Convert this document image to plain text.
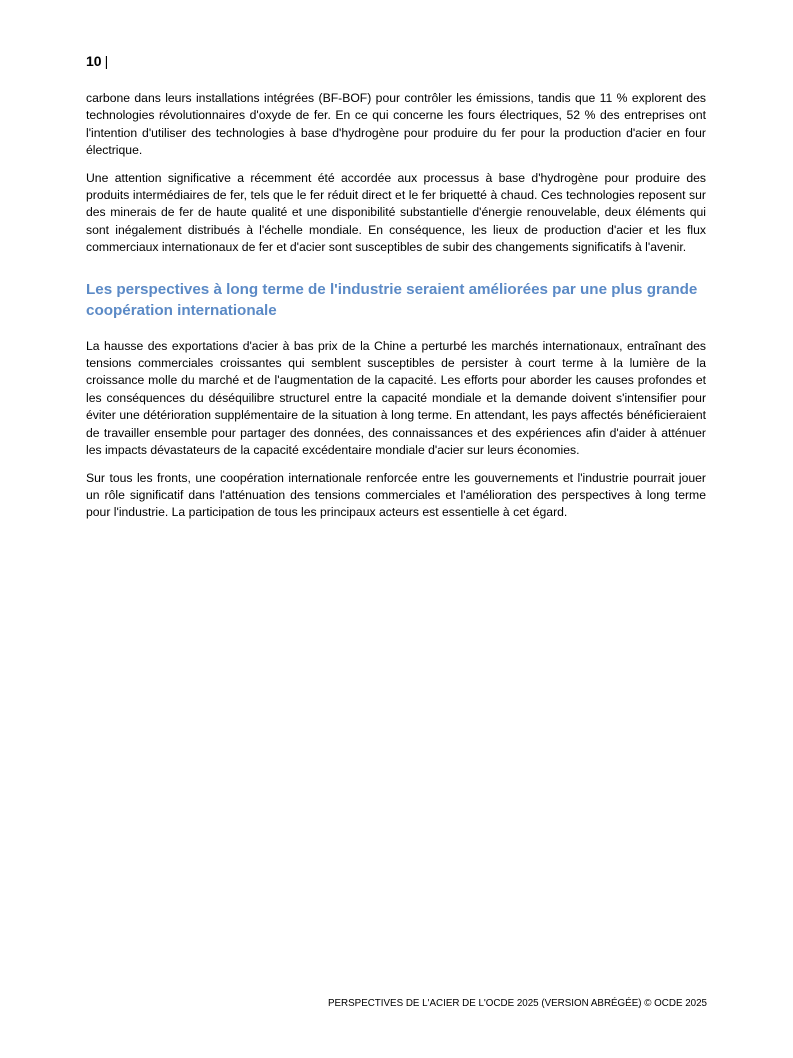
10 |

carbone dans leurs installations intégrées (BF-BOF) pour contrôler les émissions, tandis que 11 % explorent des technologies révolutionnaires d'oxyde de fer. En ce qui concerne les fours électriques, 52 % des entreprises ont l'intention d'utiliser des technologies à base d'hydrogène pour produire du fer pour la production d'acier en four électrique.

Une attention significative a récemment été accordée aux processus à base d'hydrogène pour produire des produits intermédiaires de fer, tels que le fer réduit direct et le fer briquetté à chaud. Ces technologies reposent sur des minerais de fer de haute qualité et une disponibilité substantielle d'énergie renouvelable, deux éléments qui sont inégalement distribués à l'échelle mondiale. En conséquence, les lieux de production d'acier et les flux commerciaux internationaux de fer et d'acier sont susceptibles de subir des changements significatifs à l'avenir.

Les perspectives à long terme de l'industrie seraient améliorées par une plus grande coopération internationale

La hausse des exportations d'acier à bas prix de la Chine a perturbé les marchés internationaux, entraînant des tensions commerciales croissantes qui semblent susceptibles de persister à court terme à la lumière de la croissance molle du marché et de l'augmentation de la capacité. Les efforts pour aborder les causes profondes et les conséquences du déséquilibre structurel entre la capacité mondiale et la demande doivent s'intensifier pour éviter une détérioration supplémentaire de la situation à long terme. En attendant, les pays affectés bénéficieraient de travailler ensemble pour partager des données, des connaissances et des expériences afin d'aider à atténuer les impacts dévastateurs de la capacité excédentaire mondiale d'acier sur leurs économies.

Sur tous les fronts, une coopération internationale renforcée entre les gouvernements et l'industrie pourrait jouer un rôle significatif dans l'atténuation des tensions commerciales et l'amélioration des perspectives à long terme pour l'industrie. La participation de tous les principaux acteurs est essentielle à cet égard.

PERSPECTIVES DE L'ACIER DE L'OCDE 2025 (VERSION ABRÉGÉE) © OCDE 2025
